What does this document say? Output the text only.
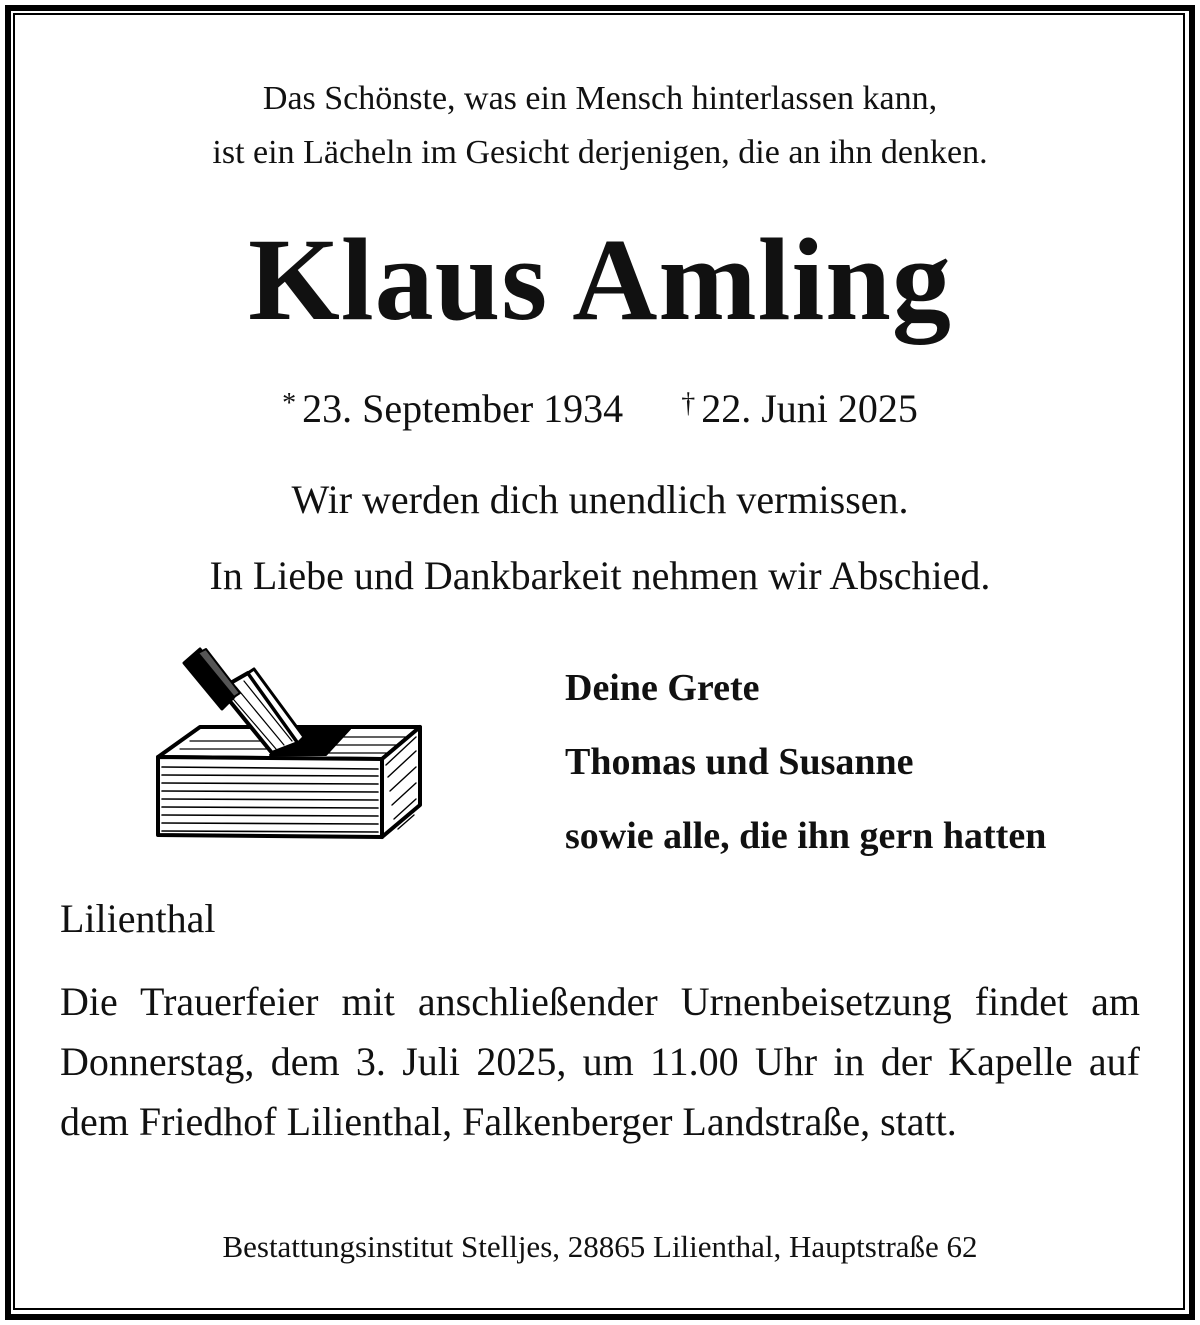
Das Schönste, was ein Mensch hinterlassen kann,
ist ein Lächeln im Gesicht derjenigen, die an ihn denken.
Klaus Amling
* 23. September 1934 † 22. Juni 2025
Wir werden dich unendlich vermissen.
In Liebe und Dankbarkeit nehmen wir Abschied.
Deine Grete
Thomas und Susanne
sowie alle, die ihn gern hatten
Lilienthal
Die Trauerfeier mit anschließender Urnenbeisetzung findet am Donnerstag, dem 3. Juli 2025, um 11.00 Uhr in der Kapelle auf dem Friedhof Lilienthal, Falkenberger Landstraße, statt.
Bestattungsinstitut Stelljes, 28865 Lilienthal, Hauptstraße 62
